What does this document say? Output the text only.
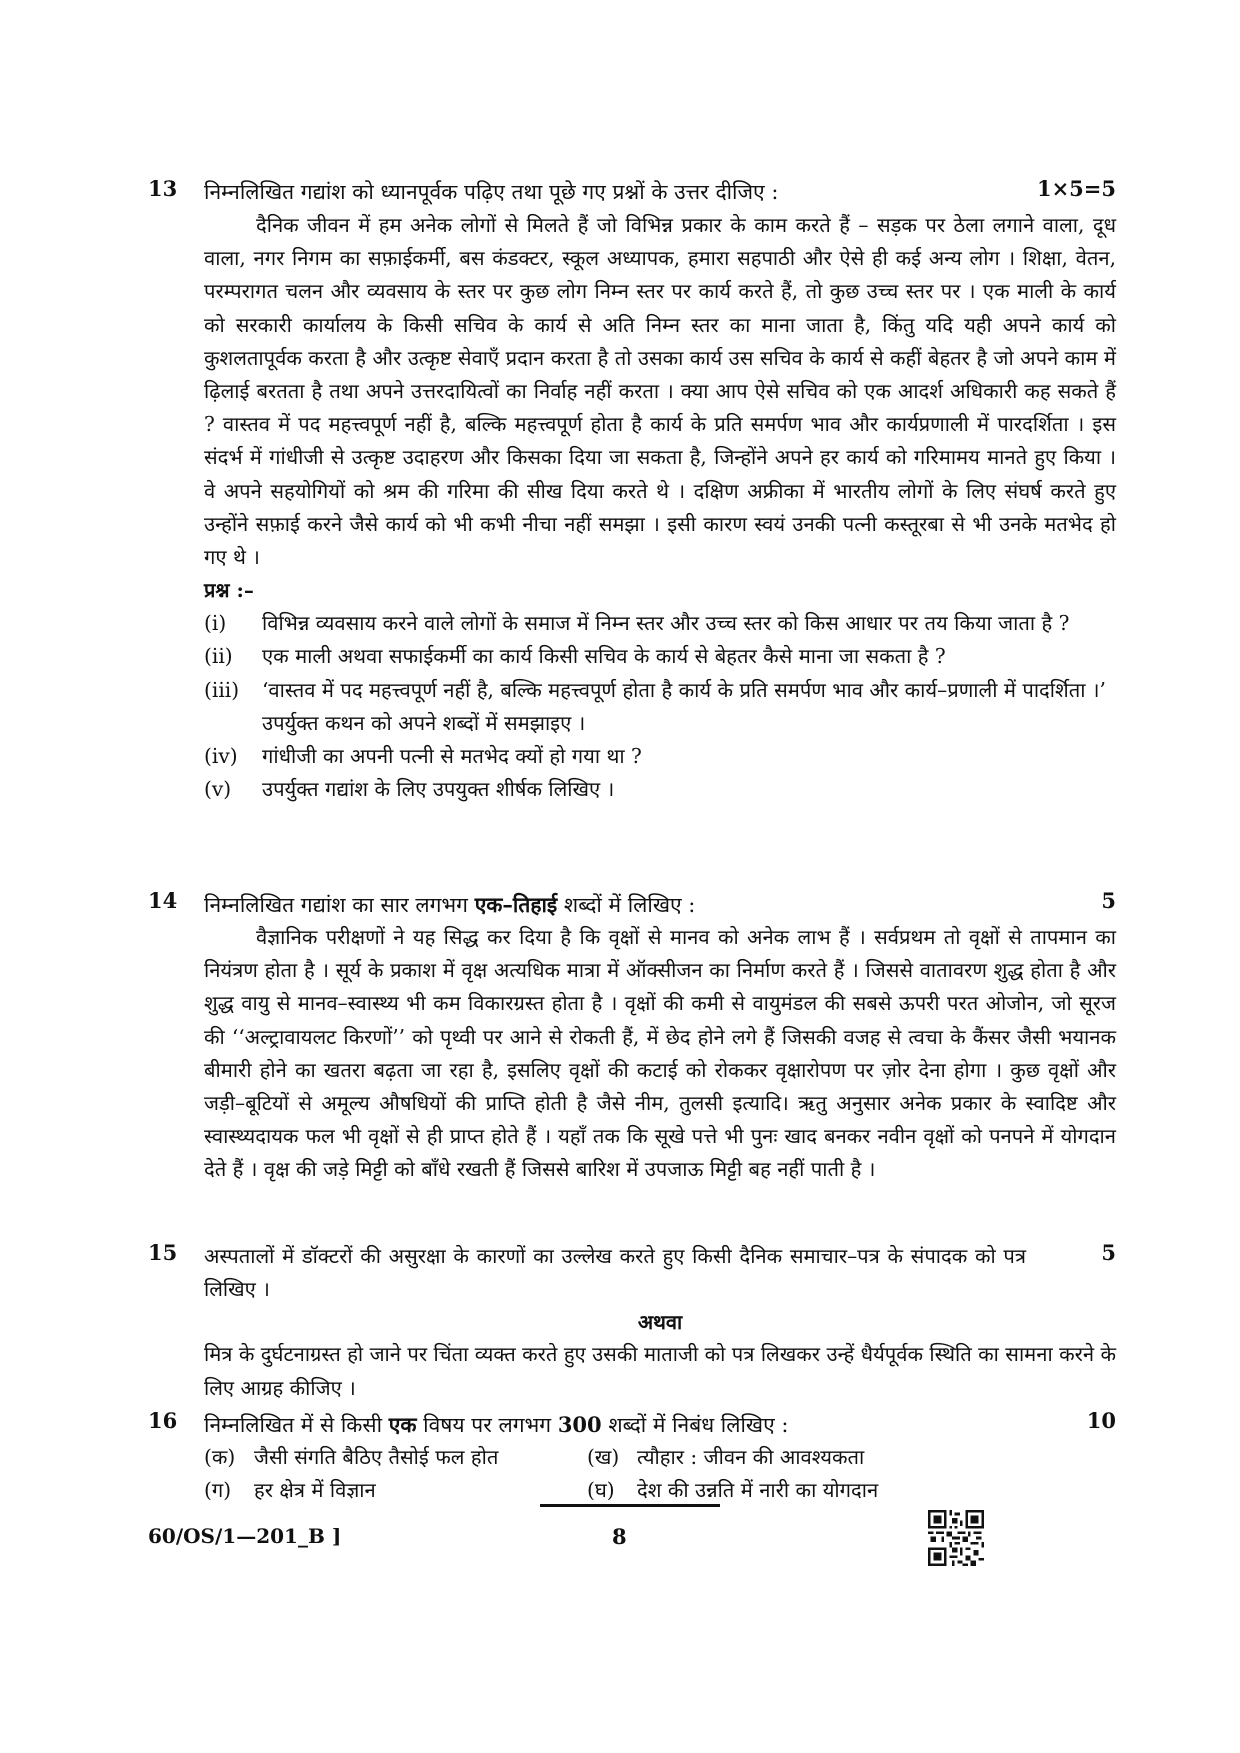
13 निम्नलिखित गद्यांश को ध्यानपूर्वक पढ़िए तथा पूछे गए प्रश्नों के उत्तर दीजिए :

दैनिक जीवन में हम अनेक लोगों से मिलते हैं जो विभिन्न प्रकार के काम करते हैं – सड़क पर ठेला लगाने वाला, दूध वाला, नगर निगम का सफ़ाईकर्मी, बस कंडक्टर, स्कूल अध्यापक, हमारा सहपाठी और ऐसे ही कई अन्य लोग । शिक्षा, वेतन, परम्परागत चलन और व्यवसाय के स्तर पर कुछ लोग निम्न स्तर पर कार्य करते हैं, तो कुछ उच्च स्तर पर । एक माली के कार्य को सरकारी कार्यालय के किसी सचिव के कार्य से अति निम्न स्तर का माना जाता है, किंतु यदि यही अपने कार्य को कुशलतापूर्वक करता है और उत्कृष्ट सेवाएँ प्रदान करता है तो उसका कार्य उस सचिव के कार्य से कहीं बेहतर है जो अपने काम में ढ़िलाई बरतता है तथा अपने उत्तरदायित्वों का निर्वाह नहीं करता । क्या आप ऐसे सचिव को एक आदर्श अधिकारी कह सकते हैं ? वास्तव में पद महत्त्वपूर्ण नहीं है, बल्कि महत्त्वपूर्ण होता है कार्य के प्रति समर्पण भाव और कार्यप्रणाली में पारदर्शिता । इस संदर्भ में गांधीजी से उत्कृष्ट उदाहरण और किसका दिया जा सकता है, जिन्होंने अपने हर कार्य को गरिमामय मानते हुए किया । वे अपने सहयोगियों को श्रम की गरिमा की सीख दिया करते थे । दक्षिण अफ्रीका में भारतीय लोगों के लिए संघर्ष करते हुए उन्होंने सफ़ाई करने जैसे कार्य को भी कभी नीचा नहीं समझा । इसी कारण स्वयं उनकी पत्नी कस्तूरबा से भी उनके मतभेद हो गए थे ।

प्रश्न :–
(i) विभिन्न व्यवसाय करने वाले लोगों के समाज में निम्न स्तर और उच्च स्तर को किस आधार पर तय किया जाता है ?
(ii) एक माली अथवा सफाईकर्मी का कार्य किसी सचिव के कार्य से बेहतर कैसे माना जा सकता है ?
(iii) ‘वास्तव में पद महत्त्वपूर्ण नहीं है, बल्कि महत्त्वपूर्ण होता है कार्य के प्रति समर्पण भाव और कार्य–प्रणाली में पादर्शिता ।’
उपर्युक्त कथन को अपने शब्दों में समझाइए ।
(iv) गांधीजी का अपनी पत्नी से मतभेद क्यों हो गया था ?
(v) उपर्युक्त गद्यांश के लिए उपयुक्त शीर्षक लिखिए ।
1×5=5
14 निम्नलिखित गद्यांश का सार लगभग एक–तिहाई शब्दों में लिखिए :

वैज्ञानिक परीक्षणों ने यह सिद्ध कर दिया है कि वृक्षों से मानव को अनेक लाभ हैं । सर्वप्रथम तो वृक्षों से तापमान का नियंत्रण होता है । सूर्य के प्रकाश में वृक्ष अत्यधिक मात्रा में ऑक्सीजन का निर्माण करते हैं । जिससे वातावरण शुद्ध होता है और शुद्ध वायु से मानव–स्वास्थ्य भी कम विकारग्रस्त होता है । वृक्षों की कमी से वायुमंडल की सबसे ऊपरी परत ओजोन, जो सूरज की ‘‘अल्ट्रावायलट किरणों’’ को पृथ्वी पर आने से रोकती हैं, में छेद होने लगे हैं जिसकी वजह से त्वचा के कैंसर जैसी भयानक बीमारी होने का खतरा बढ़ता जा रहा है, इसलिए वृक्षों की कटाई को रोककर वृक्षारोपण पर ज़ोर देना होगा । कुछ वृक्षों और जड़ी–बूटियों से अमूल्य औषधियों की प्राप्ति होती है जैसे नीम, तुलसी इत्यादि। ऋतु अनुसार अनेक प्रकार के स्वादिष्ट और स्वास्थ्यदायक फल भी वृक्षों से ही प्राप्त होते हैं । यहाँ तक कि सूखे पत्ते भी पुनः खाद बनकर नवीन वृक्षों को पनपने में योगदान देते हैं । वृक्ष की जड़े मिट्टी को बाँधे रखती हैं जिससे बारिश में उपजाऊ मिट्टी बह नहीं पाती है ।

5
15 अस्पतालों में डॉक्टरों की असुरक्षा के कारणों का उल्लेख करते हुए किसी दैनिक समाचार–पत्र के संपादक को पत्र लिखिए ।

अथवा

मित्र के दुर्घटनाग्रस्त हो जाने पर चिंता व्यक्त करते हुए उसकी माताजी को पत्र लिखकर उन्हें धैर्यपूर्वक स्थिति का सामना करने के लिए आग्रह कीजिए ।

5
16 निम्नलिखित में से किसी एक विषय पर लगभग 300 शब्दों में निबंध लिखिए :
(क) जैसी संगति बैठिए तैसोई फल होत	(ख) त्यौहार : जीवन की आवश्यकता
(ग)	हर क्षेत्र में विज्ञान	(घ)	देश की उन्नति में नारी का योगदान
10
60/OS/1—201_B ]	8
